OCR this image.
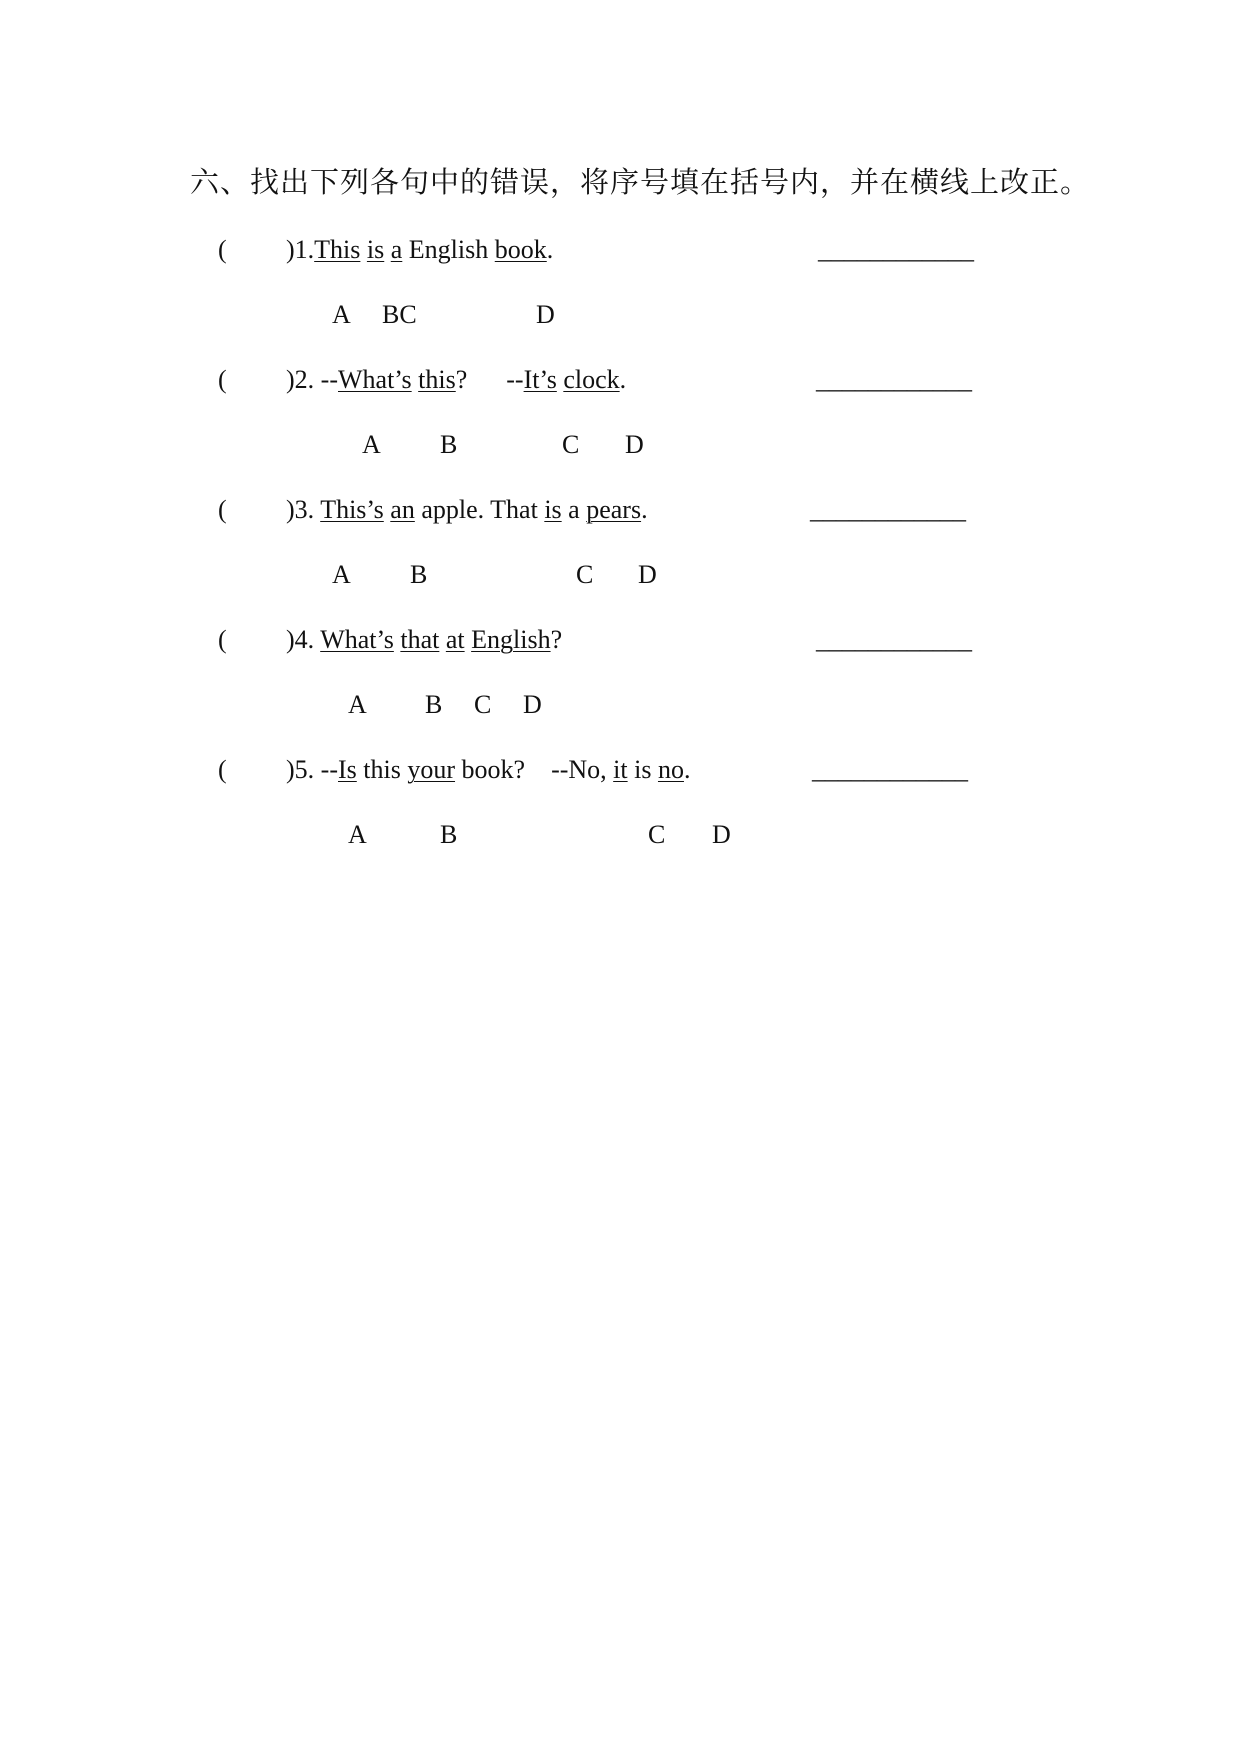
六、找出下列各句中的错误，将序号填在括号内，并在横线上改正。
( )1.This is a English book.	____________
A BC	D
( )2. --What’s this?      --It’s clock.	____________
A B	C D
( )3. This’s an apple. That is a pears.	____________
A B	C D
( )4. What’s that at English?	____________
A B C D
( )5. --Is this your book?    --No, it is no.	____________
A	B	C D
